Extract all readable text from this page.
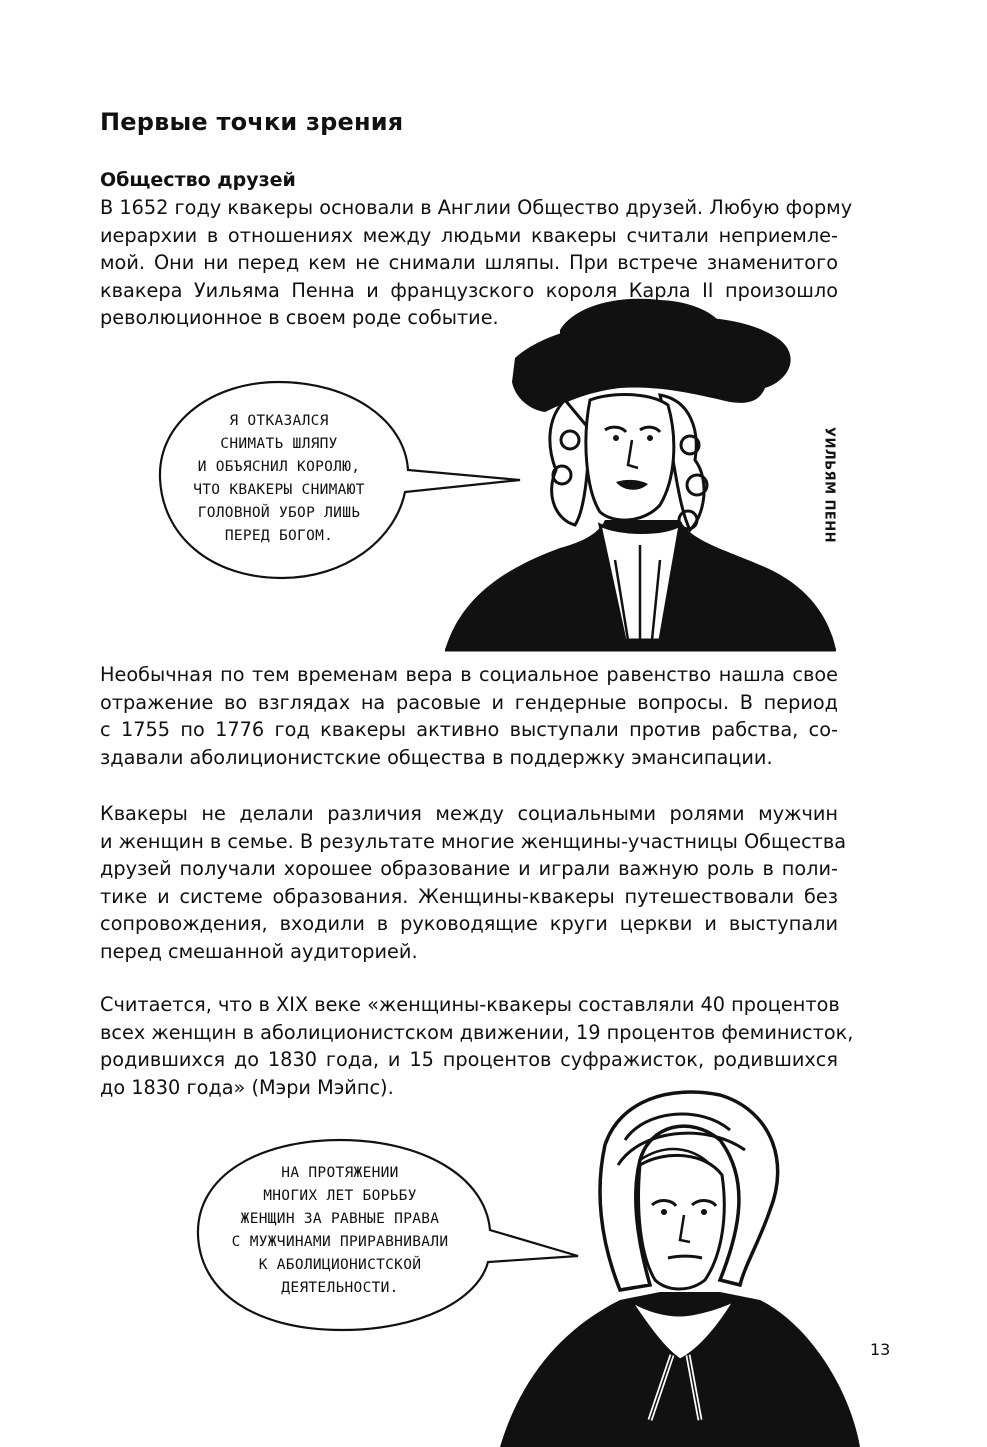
Первые точки зрения
Общество друзей
В 1652 году квакеры основали в Англии Общество друзей. Любую форму
иерархии в отношениях между людьми квакеры считали неприемле-
мой. Они ни перед кем не снимали шляпы. При встрече знаменитого
квакера Уильяма Пенна и французского короля Карла II произошло
революционное в своем роде событие.
Я ОТКАЗАЛСЯ
СНИМАТЬ ШЛЯПУ
И ОБЪЯСНИЛ КОРОЛЮ,
ЧТО КВАКЕРЫ СНИМАЮТ
ГОЛОВНОЙ УБОР ЛИШЬ
ПЕРЕД БОГОМ.	УИЛЬЯМ ПЕНН
Необычная по тем временам вера в социальное равенство нашла свое
отражение во взглядах на расовые и гендерные вопросы. В период
с 1755 по 1776 год квакеры активно выступали против рабства, со-
здавали аболиционистские общества в поддержку эмансипации.
Квакеры не делали различия между социальными ролями мужчин
и женщин в семье. В результате многие женщины-участницы Общества
друзей получали хорошее образование и играли важную роль в поли-
тике и системе образования. Женщины-квакеры путешествовали без
сопровождения, входили в руководящие круги церкви и выступали
перед смешанной аудиторией.
Считается, что в XIX веке «женщины-квакеры составляли 40 процентов
всех женщин в аболиционистском движении, 19 процентов феминисток,
родившихся до 1830 года, и 15 процентов суфражисток, родившихся
до 1830 года» (Мэри Мэйпс).
НА ПРОТЯЖЕНИИ
МНОГИХ ЛЕТ БОРЬБУ
ЖЕНЩИН ЗА РАВНЫЕ ПРАВА
С МУЖЧИНАМИ ПРИРАВНИВАЛИ
К АБОЛИЦИОНИСТСКОЙ
ДЕЯТЕЛЬНОСТИ.
13
